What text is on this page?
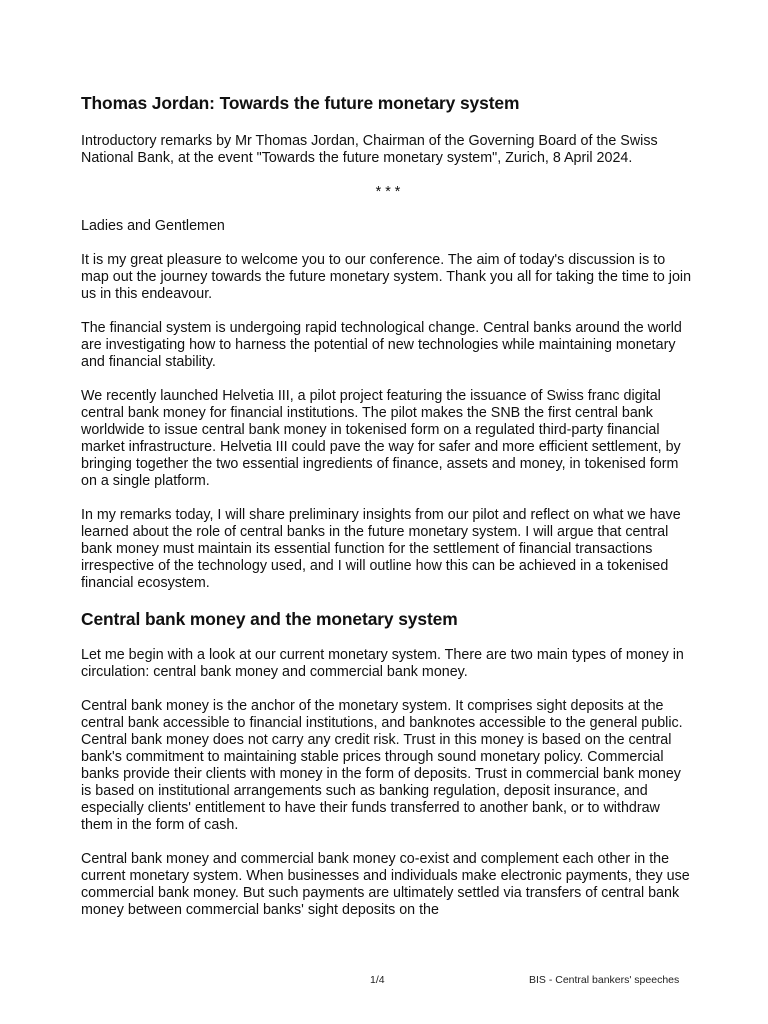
Thomas Jordan: Towards the future monetary system

Introductory remarks by Mr Thomas Jordan, Chairman of the Governing Board of the Swiss National Bank, at the event "Towards the future monetary system", Zurich, 8 April 2024.

* * *

Ladies and Gentlemen

It is my great pleasure to welcome you to our conference. The aim of today's discussion is to map out the journey towards the future monetary system. Thank you all for taking the time to join us in this endeavour.

The financial system is undergoing rapid technological change. Central banks around the world are investigating how to harness the potential of new technologies while maintaining monetary and financial stability.

We recently launched Helvetia III, a pilot project featuring the issuance of Swiss franc digital central bank money for financial institutions. The pilot makes the SNB the first central bank worldwide to issue central bank money in tokenised form on a regulated third-party financial market infrastructure. Helvetia III could pave the way for safer and more efficient settlement, by bringing together the two essential ingredients of finance, assets and money, in tokenised form on a single platform.

In my remarks today, I will share preliminary insights from our pilot and reflect on what we have learned about the role of central banks in the future monetary system. I will argue that central bank money must maintain its essential function for the settlement of financial transactions irrespective of the technology used, and I will outline how this can be achieved in a tokenised financial ecosystem.

Central bank money and the monetary system

Let me begin with a look at our current monetary system. There are two main types of money in circulation: central bank money and commercial bank money.

Central bank money is the anchor of the monetary system. It comprises sight deposits at the central bank accessible to financial institutions, and banknotes accessible to the general public. Central bank money does not carry any credit risk. Trust in this money is based on the central bank's commitment to maintaining stable prices through sound monetary policy. Commercial banks provide their clients with money in the form of deposits. Trust in commercial bank money is based on institutional arrangements such as banking regulation, deposit insurance, and especially clients' entitlement to have their funds transferred to another bank, or to withdraw them in the form of cash.

Central bank money and commercial bank money co-exist and complement each other in the current monetary system. When businesses and individuals make electronic payments, they use commercial bank money. But such payments are ultimately settled via transfers of central bank money between commercial banks' sight deposits on the

1/4	BIS - Central bankers' speeches
